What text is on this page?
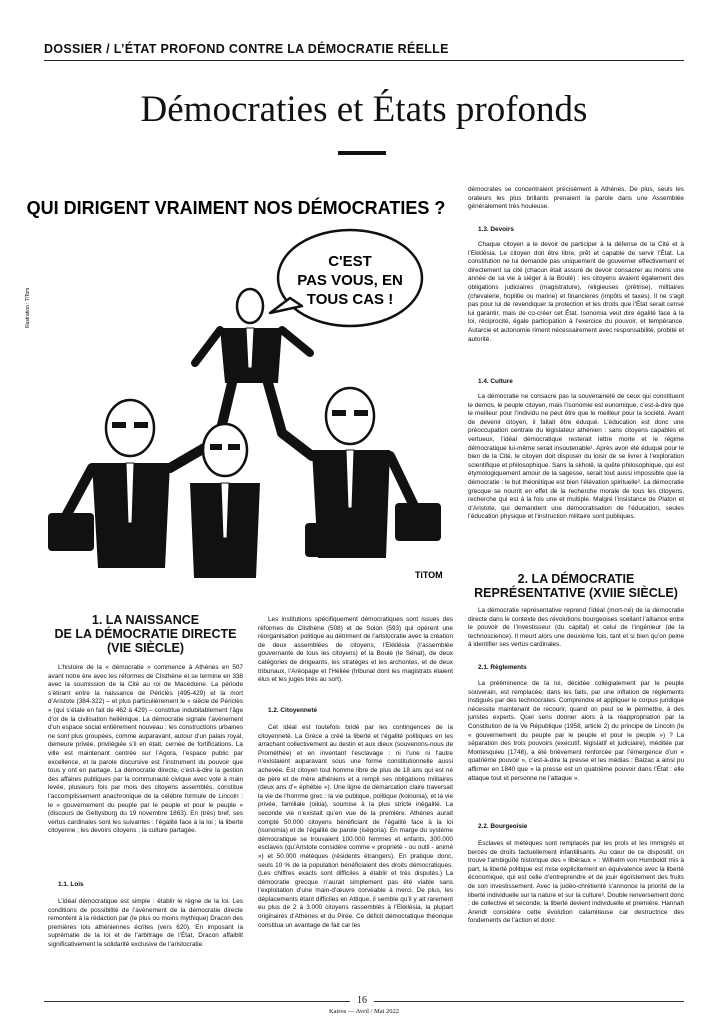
DOSSIER / L’ÉTAT PROFOND CONTRE LA DÉMOCRATIE RÉELLE
Démocraties et États profonds
QUI DIRIGENT VRAIMENT NOS DÉMOCRATIES ?
Illustration : TiTom
C'EST
PAS VOUS, EN
TOUS CAS !
TiTOM
1. LA NAISSANCE
DE LA DÉMOCRATIE DIRECTE
(VIE SIÈCLE)

L’histoire de la « démocratie » commence à Athènes en 507 avant notre ère avec les réformes de Clisthène et se termine en 338 avec la soumission de la Cité au roi de Macédoine. La période s’étirant entre la naissance de Périclès (495-429) et la mort d’Aristote (384-322) – et plus particulièrement le « siècle de Périclès » (qui s’étale en fait de 462 à 429) – constitue indubitablement l’âge d’or de la civilisation hellénique. La démocratie signale l’avènement d’un espace social entièrement nouveau : les constructions urbaines ne sont plus groupées, comme auparavant, autour d’un palais royal, demeure privée, privilégiée s’il en était, cernée de fortifications. La ville est maintenant centrée sur l’Agora, l’espace public par excellence, et la parole discursive est l’instrument du pouvoir que tous y ont en partage. La démocratie directe, c’est-à-dire la gestion des affaires publiques par la communauté civique avec vote à main levée, plusieurs fois par mois des citoyens assemblés, constitue l’accomplissement anachronique de la célèbre formule de Lincoln : le « gouvernement du peuple par le peuple et pour le peuple » (discours de Gettysburg du 19 novembre 1863). En (très) bref, ses vertus cardinales sont les suivantes : l’égalité face à la loi ; la liberté citoyenne ; les devoirs citoyens ; la culture partagée.

1.1. Lois

L’idéal démocratique est simple : établir le règne de la loi. Les conditions de possibilité de l’avènement de la démocratie directe remontent à la rédaction par (le plus ou moins mythique) Dracon des premières lois athéniennes écrites (vers 620). En imposant la suprématie de la loi et de l’arbitrage de l’État, Dracon affaiblit significativement la solidarité exclusive de l’aristocratie.

Les institutions spécifiquement démocratiques sont issues des réformes de Clisthène (508) et de Solon (593) qui opèrent une réorganisation politique au détriment de l’aristocratie avec la création de deux assemblées de citoyens, l’Ekklésia (l’assemblée gouvernante de tous les citoyens) et la Boulè (le Sénat), de deux catégories de dirigeants, les stratèges et les archontes, et de deux tribunaux, l’Aréopage et l’Héliée (tribunal dont les magistrats étaient élus et les juges tirés au sort).

1.2. Citoyenneté

Cet idéal est toutefois bridé par les contingences de la citoyenneté. La Grèce a créé la liberté et l’égalité politiques en les arrachant collectivement au destin et aux dieux (souvenons-nous de Prométhée) et en inventant l’esclavage : ni l’une ni l’autre n’existaient auparavant sous une forme constitutionnelle aussi achevée. Est citoyen tout homme libre de plus de 18 ans qui est né de père et de mère athéniens et a rempli ses obligations militaires (deux ans d’« éphébie »). Une ligne de démarcation claire traversait la vie de l’homme grec : la vie publique, politique (koinonia), et la vie privée, familiale (oikia), soumise à la plus stricte inégalité. La seconde vie n’existait qu’en vue de la première. Athènes aurait compté 50.000 citoyens bénéficiant de l’égalité face à la loi (isonomia) et de l’égalité de parole (isègoria). En marge du système démocratique se trouvaient 100.000 femmes et enfants, 300.000 esclaves (qu’Aristote considère comme « propriété - ou outil - animé ») et 50.000 métèques (résidents étrangers). En pratique donc, seuls 10 % de la population bénéficiaient des droits démocratiques. (Les chiffres exacts sont difficiles à établir et très disputés.) La démocratie grecque n’aurait simplement pas été viable sans l’exploitation d’une main-d’œuvre corvéable à merci. De plus, les déplacements étant difficiles en Attique, il semble qu’il y ait rarement eu plus de 2 à 3.000 citoyens rassemblés à l’Ekklésia, la plupart originaires d’Athènes et du Pirée. Ce déficit démocratique théorique constitua un avantage de fait car les

démocrates se concentraient précisément à Athènes. De plus, seuls les orateurs les plus brillants prenaient la parole dans une Assemblée généralement très houleuse.

1.3. Devoirs

Chaque citoyen a le devoir de participer à la défense de la Cité et à l’Ekklésia. Le citoyen doit être libre, prêt et capable de servir l’État. La constitution ne lui demande pas uniquement de gouverner effectivement et directement sa cité (chacun était assuré de devoir consacrer au moins une année de sa vie à siéger à la Boulè) : les citoyens avaient également des obligations judiciaires (magistrature), religieuses (prêtrise), militaires (chevalerie, hoplitie ou marine) et financières (impôts et taxes). Il ne s’agit pas pour lui de revendiquer la protection et les droits que l’État serait censé lui garantir, mais de co-créer cet État. Isonomia veut dire égalité face à la loi, réciprocité, égale participation à l’exercice du pouvoir, et tempérance. Autarcie et autonomie riment nécessairement avec responsabilité, probité et autorité.

1.4. Culture

La démocratie ne consacre pas la souveraineté de ceux qui constituent le demos, le peuple citoyen, mais l’isonomie est eunomique, c’est-à-dire que le meilleur pour l’individu ne peut être que le meilleur pour la société. Avant de devenir citoyen, il fallait être éduqué. L’éducation est donc une préoccupation centrale du législateur athénien : sans citoyens capables et vertueux, l’idéal démocratique resterait lettre morte et le régime démocratique lui-même serait insoutenable¹. Après avoir été éduqué pour le bien de la Cité, le citoyen doit disposer du loisir de se livrer à l’exploration scientifique et philosophique. Sans la skholê, la quête philosophique, qui est étymologiquement amour de la sagesse, serait tout aussi impossible que la démocratie : le but théorétique est bien l’élévation spirituelle². La démocratie grecque se nourrit en effet de la recherche morale de tous les citoyens, recherche qui est à la fois une et multiple. Malgré l’insistance de Platon et d’Aristote, qui demandent une démocratisation de l’éducation, seules l’éducation physique et l’instruction militaire sont publiques.

2. LA DÉMOCRATIE
REPRÉSENTATIVE (XVIIE SIÈCLE)

La démocratie représentative reprend l’idéal (mort-né) de la démocratie directe dans le contexte des révolutions bourgeoises scellant l’alliance entre le pouvoir de l’investisseur (du capital) et celui de l’ingénieur (de la technoscience). Il meurt alors une deuxième fois, tant et si bien qu’on peine à identifier ses vertus cardinales.

2.1. Règlements

La prééminence de la loi, décidée collégialement par le peuple souverain, est remplacée, dans les faits, par une inflation de règlements instigués par des technocrates. Comprendre et appliquer le corpus juridique nécessite maintenant de recourir, quand on peut se le permettre, à des juristes experts. Quel sens donner alors à la réappropriation par la Constitution de la Ve République (1958, article 2) du principe de Lincoln (le « gouvernement du peuple par le peuple et pour le peuple ») ? La séparation des trois pouvoirs (exécutif, législatif et judiciaire), méditée par Montesquieu (1748), a été brièvement renforcée par l’émergence d’un « quatrième pouvoir », c’est-à-dire la presse et les médias : Balzac a ainsi pu affirmer en 1840 que « la presse est un quatrième pouvoir dans l’État : elle attaque tout et personne ne l’attaque ».

2.2. Bourgeoisie

Esclaves et métèques sont remplacés par les prols et les immigrés et bercés de droits factuellement infantilisants. Au cœur de ce dispositif, on trouve l’ambiguïté historique des « libéraux » : Wilhelm von Humboldt mis à part, la liberté politique est mise explicitement en équivalence avec la liberté économique, qui est celle d’entreprendre et de jouir égoïstement des fruits de son investissement. Avec la judéo-chrétienté s’annonce la priorité de la liberté individuelle sur la nature et sur la culture³. Double renversement donc : de collective et seconde, la liberté devient individuelle et première. Hannah Arendt considère cette évolution calamiteuse car destructrice des fondements de l’action et donc

16
Kairos — Avril / Mai 2022
